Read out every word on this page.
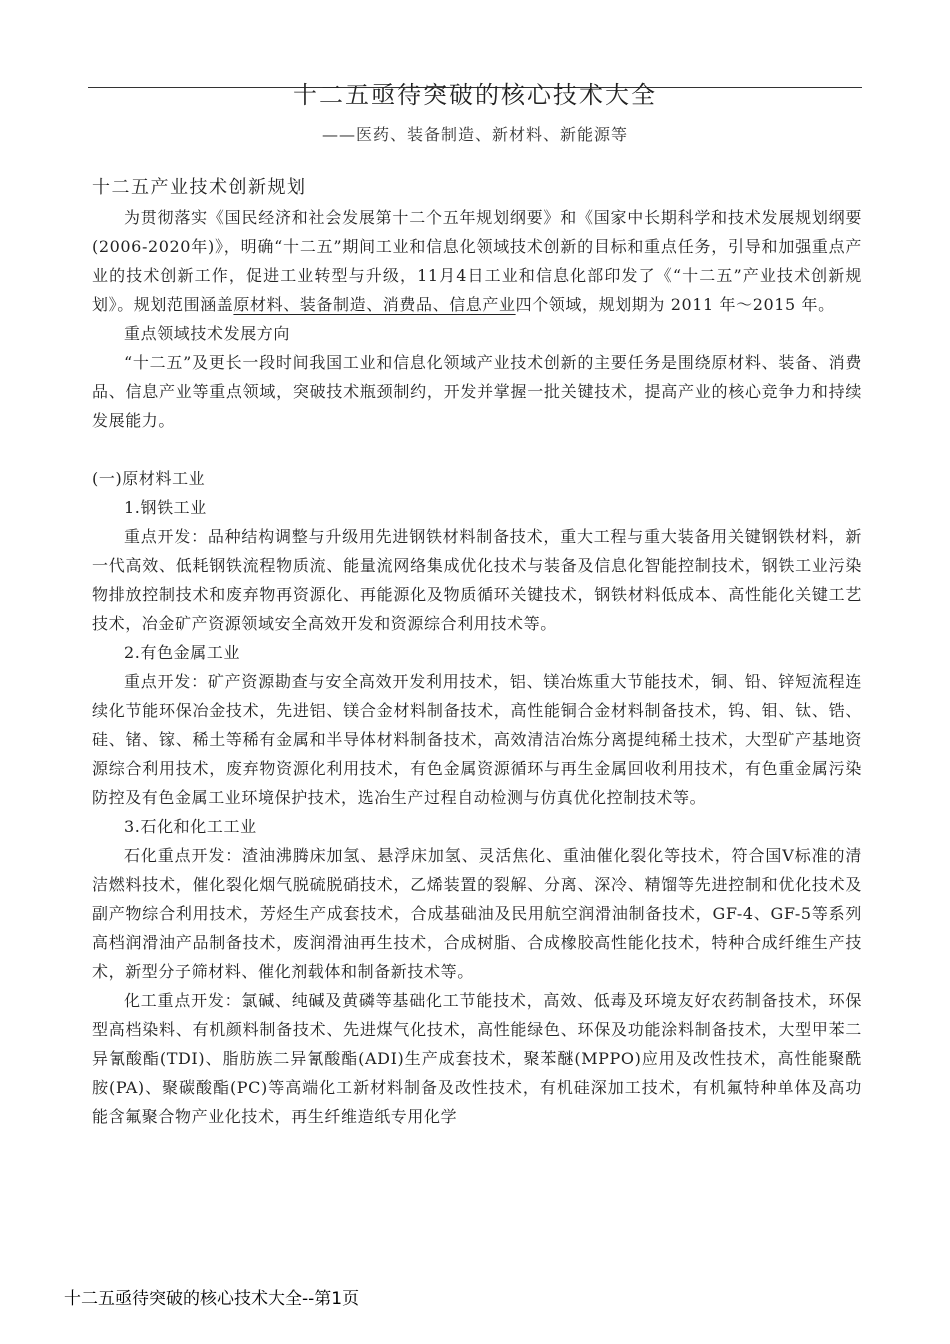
十二五亟待突破的核心技术大全
——医药、装备制造、新材料、新能源等

十二五产业技术创新规划

为贯彻落实《国民经济和社会发展第十二个五年规划纲要》和《国家中长期科学和技术发展规划纲要(2006-2020年)》，明确“十二五”期间工业和信息化领域技术创新的目标和重点任务，引导和加强重点产业的技术创新工作，促进工业转型与升级，11月4日工业和信息化部印发了《“十二五”产业技术创新规划》。规划范围涵盖原材料、装备制造、消费品、信息产业四个领域，规划期为 2011 年～2015 年。

重点领域技术发展方向

“十二五”及更长一段时间我国工业和信息化领域产业技术创新的主要任务是围绕原材料、装备、消费品、信息产业等重点领域，突破技术瓶颈制约，开发并掌握一批关键技术，提高产业的核心竞争力和持续发展能力。

(一)原材料工业

1.钢铁工业

重点开发：品种结构调整与升级用先进钢铁材料制备技术，重大工程与重大装备用关键钢铁材料，新一代高效、低耗钢铁流程物质流、能量流网络集成优化技术与装备及信息化智能控制技术，钢铁工业污染物排放控制技术和废弃物再资源化、再能源化及物质循环关键技术，钢铁材料低成本、高性能化关键工艺技术，冶金矿产资源领域安全高效开发和资源综合利用技术等。

2.有色金属工业

重点开发：矿产资源勘查与安全高效开发利用技术，铝、镁冶炼重大节能技术，铜、铅、锌短流程连续化节能环保冶金技术，先进铝、镁合金材料制备技术，高性能铜合金材料制备技术，钨、钼、钛、锆、硅、锗、镓、稀土等稀有金属和半导体材料制备技术，高效清洁冶炼分离提纯稀土技术，大型矿产基地资源综合利用技术，废弃物资源化利用技术，有色金属资源循环与再生金属回收利用技术，有色重金属污染防控及有色金属工业环境保护技术，选冶生产过程自动检测与仿真优化控制技术等。

3.石化和化工工业

石化重点开发：渣油沸腾床加氢、悬浮床加氢、灵活焦化、重油催化裂化等技术，符合国Ⅴ标准的清洁燃料技术，催化裂化烟气脱硫脱硝技术，乙烯装置的裂解、分离、深冷、精馏等先进控制和优化技术及副产物综合利用技术，芳烃生产成套技术，合成基础油及民用航空润滑油制备技术，GF-4、GF-5等系列高档润滑油产品制备技术，废润滑油再生技术，合成树脂、合成橡胶高性能化技术，特种合成纤维生产技术，新型分子筛材料、催化剂载体和制备新技术等。

化工重点开发：氯碱、纯碱及黄磷等基础化工节能技术，高效、低毒及环境友好农药制备技术，环保型高档染料、有机颜料制备技术、先进煤气化技术，高性能绿色、环保及功能涂料制备技术，大型甲苯二异氰酸酯(TDI)、脂肪族二异氰酸酯(ADI)生产成套技术，聚苯醚(MPPO)应用及改性技术，高性能聚酰胺(PA)、聚碳酸酯(PC)等高端化工新材料制备及改性技术，有机硅深加工技术，有机氟特种单体及高功能含氟聚合物产业化技术，再生纤维造纸专用化学

十二五亟待突破的核心技术大全--第1页
